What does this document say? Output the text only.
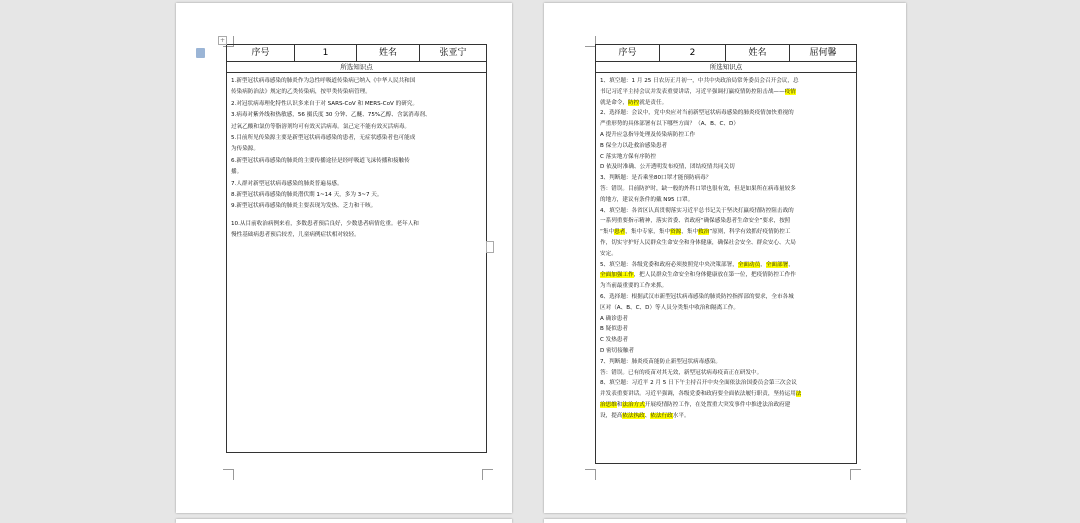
序号	1	姓名	张亚宁
所选知识点

1.新型冠状病毒感染的肺炎作为急性呼吸道传染病已纳入《中华人民共和国

传染病防治法》规定的乙类传染病，按甲类传染病管理。

2.对冠状病毒理化特性认识多来自于对 SARS-CoV 和 MERS-CoV 的研究。

3.病毒对紫外线和热敏感，56 摄氏度 30 分钟、乙醚、75%乙醇、含氯消毒剂、

过氧乙酸和氯仿等脂溶剂均可有效灭活病毒。氯己定不能有效灭活病毒。

5.目前所见传染源主要是新型冠状病毒感染的患者，无症状感染者也可能成

为传染源。

6.新型冠状病毒感染的肺炎的主要传播途径是经呼吸道飞沫传播和接触传

播。

7.人群对新型冠状病毒感染的肺炎普遍易感。

8.新型冠状病毒感染的肺炎潜伏期 1~14 天，多为 3~7 天。

9.新型冠状病毒感染的肺炎主要表现为发热、乏力和干咳。

10.从目前收治病例来看，多数患者预后良好，少数患者病情危重。老年人和

慢性基础病患者预后较差，儿童病例症状相对较轻。

+
序号	2	姓名	屈何馨
所选知识点

1、填空题：1 月 25 日农历正月初一，中共中央政治局常务委员会召开会议，总

书记习近平主持会议并发表重要讲话，习近平强调打赢疫情防控阻击战——疫情

就是命令，防控就是责任。

2、选择题：会议中，党中央应对当前新型冠状病毒感染的肺炎疫情加快重视的

严重形势的具体部署有以下哪些方面？（A、B、C、D）

A 提升应急指导处理及传染病防控工作

B 保全力以赴救治感染患者

C 落实地方保有序防控

D 依及时准确、公开透明发布疫情，团结疫情共同关切

3、判断题：是否乘坐80口罩才能预防病毒？

答：错误。目前防护时，缺一般的外科口罩也很有效，但是如果所在病毒量较多

的地方，建议有条件的戴 N95 口罩。

4、填空题：各省区认真贯彻落实习近平总书记关于坚决打赢疫情防控阻击战的

一系列重要指示精神，落实省委、省政府“确保感染患者生命安全”要求，按照

“集中患者，集中专家，集中资源，集中救治”原则，科学有效抓好疫情防控工

作，切实守护好人民群众生命安全和身体健康，确保社会安全、群众安心、大局

安定。

5、填空题：各级党委和政府必须按照党中央决策部署，全面动员，全面部署，

全面加强工作，把人民群众生命安全和身体健康放在第一位，把疫情防控工作作

为当前最重要的工作来抓。

6、选择题：根据武汉市新型冠状病毒感染的肺炎防控指挥部的要求，全市各城

区对（A、B、C、D）等人员分类集中收治和隔离工作。

A 确诊患者

B 疑似患者

C 发热患者

D 密切接触者

7、判断题：肺炎疫苗能防止新型冠状病毒感染。

答：错误。已有的疫苗对其无效，新型冠状病毒疫苗正在研发中。

8、填空题：习近平 2 月 5 日下午主持召开中央全面依法治国委员会第三次会议

并发表重要讲话。习近平强调，各级党委和政府要全面依法履行职责，坚持运用法

治思维和法治方式开展疫情防控工作，在处置重大突发事件中推进法治政府建

设，提高依法执政、依法行政水平。
